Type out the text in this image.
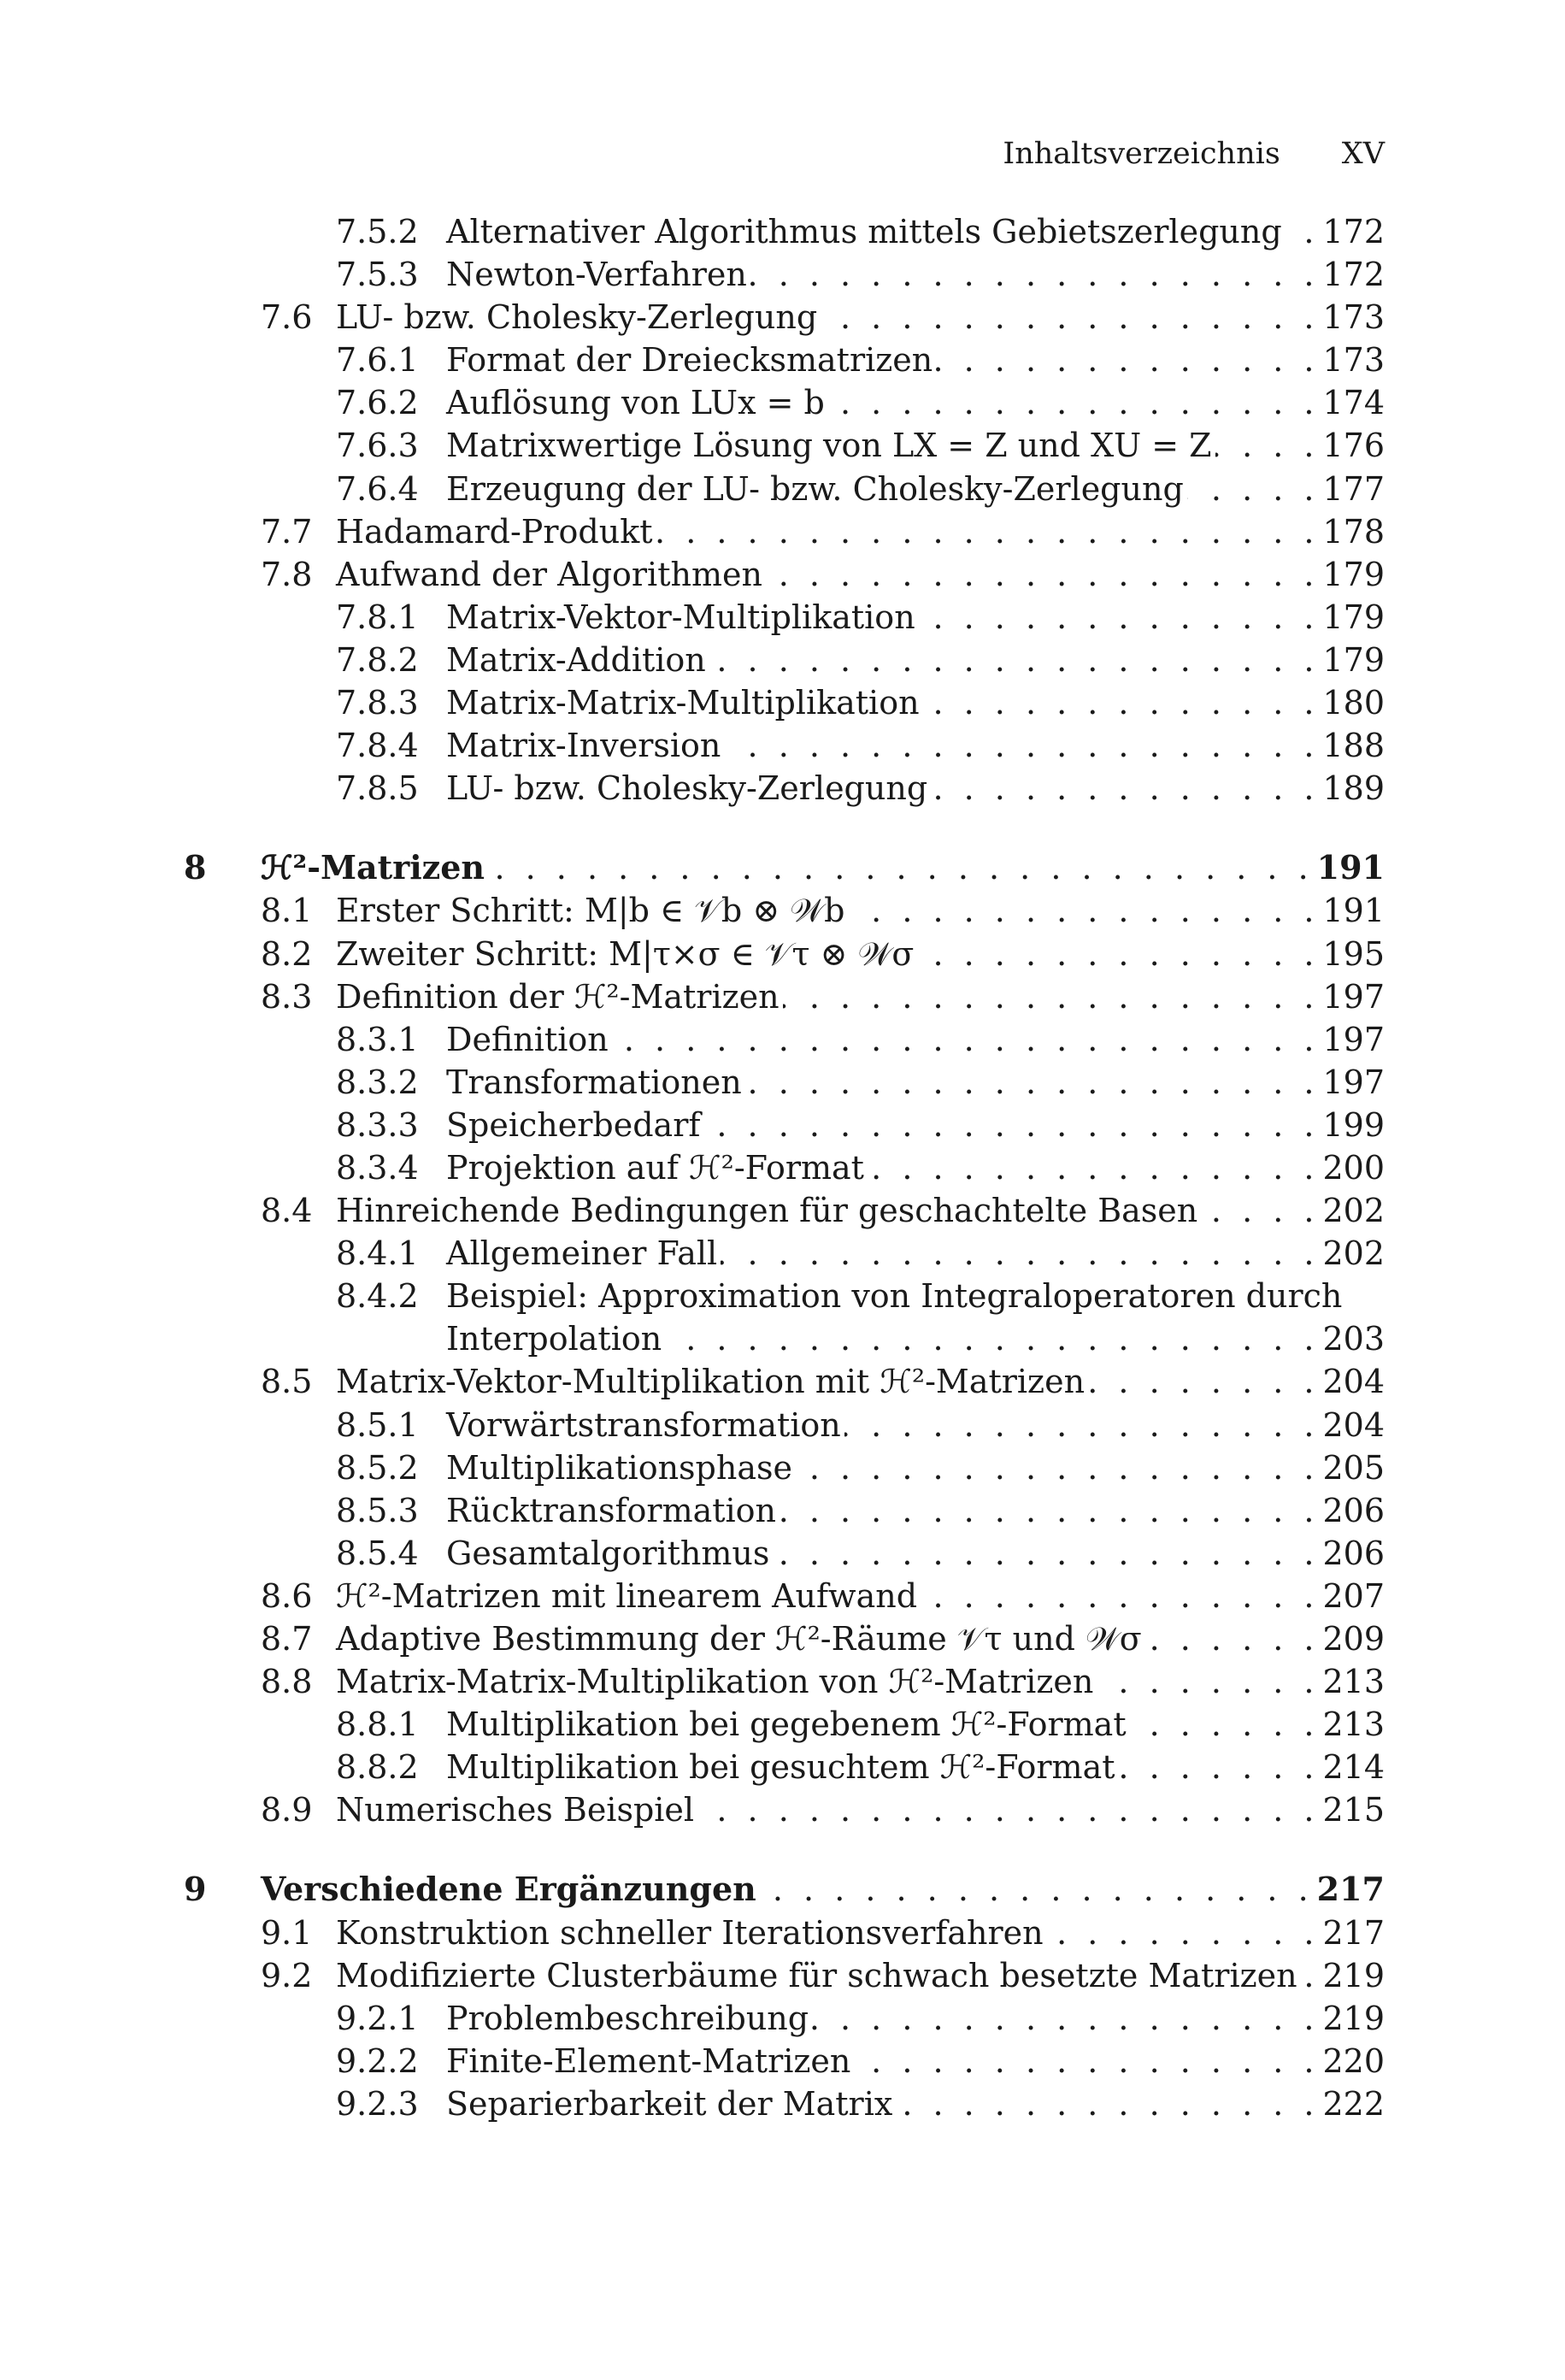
Inhaltsverzeichnis XV
7.5.2 Alternativer Algorithmus mittels Gebietszerlegung . . . 172
7.5.3 Newton-Verfahren . . .	172
7.6 LU- bzw. Cholesky-Zerlegung . . .	173
7.6.1 Format der Dreiecksmatrizen . . .	173
7.6.2 Auflösung von LUx = b . . .	174
7.6.3 Matrixwertige Lösung von LX = Z und XU = Z . . .	176
7.6.4 Erzeugung der LU- bzw. Cholesky-Zerlegung . . .	177
7.7 Hadamard-Produkt . . .	178
7.8 Aufwand der Algorithmen . . .	179
7.8.1 Matrix-Vektor-Multiplikation . . .	179
7.8.2 Matrix-Addition . . .	179
7.8.3 Matrix-Matrix-Multiplikation . . .	180
7.8.4 Matrix-Inversion . . .	188
7.8.5 LU- bzw. Cholesky-Zerlegung . . .	189
8 ℋ²-Matrizen . . .	191
8.1 Erster Schritt: M|b ∈ 𝒱b ⊗ 𝒲b . . .	191
8.2 Zweiter Schritt: M|τ×σ ∈ 𝒱τ ⊗ 𝒲σ . . .	195
8.3 Definition der ℋ²-Matrizen . . .	197
8.3.1 Definition . . .	197
8.3.2 Transformationen . . .	197
8.3.3 Speicherbedarf . . .	199
8.3.4 Projektion auf ℋ²-Format . . .	200
8.4 Hinreichende Bedingungen für geschachtelte Basen . . .	202
8.4.1 Allgemeiner Fall . . .	202
8.4.2 Beispiel: Approximation von Integraloperatoren durch
Interpolation . . .	203
8.5 Matrix-Vektor-Multiplikation mit ℋ²-Matrizen . . .	204
8.5.1 Vorwärtstransformation . . .	204
8.5.2 Multiplikationsphase . . .	205
8.5.3 Rücktransformation . . .	206
8.5.4 Gesamtalgorithmus . . .	206
8.6 ℋ²-Matrizen mit linearem Aufwand . . .	207
8.7 Adaptive Bestimmung der ℋ²-Räume 𝒱τ und 𝒲σ . . .	209
8.8 Matrix-Matrix-Multiplikation von ℋ²-Matrizen . . .	213
8.8.1 Multiplikation bei gegebenem ℋ²-Format . . .	213
8.8.2 Multiplikation bei gesuchtem ℋ²-Format . . .	214
8.9 Numerisches Beispiel . . .	215
9 Verschiedene Ergänzungen . . .	217
9.1 Konstruktion schneller Iterationsverfahren . . .	217
9.2 Modifizierte Clusterbäume für schwach besetzte Matrizen . . . 219
9.2.1 Problembeschreibung . . .	219
9.2.2 Finite-Element-Matrizen . . .	220
9.2.3 Separierbarkeit der Matrix . . .	222
